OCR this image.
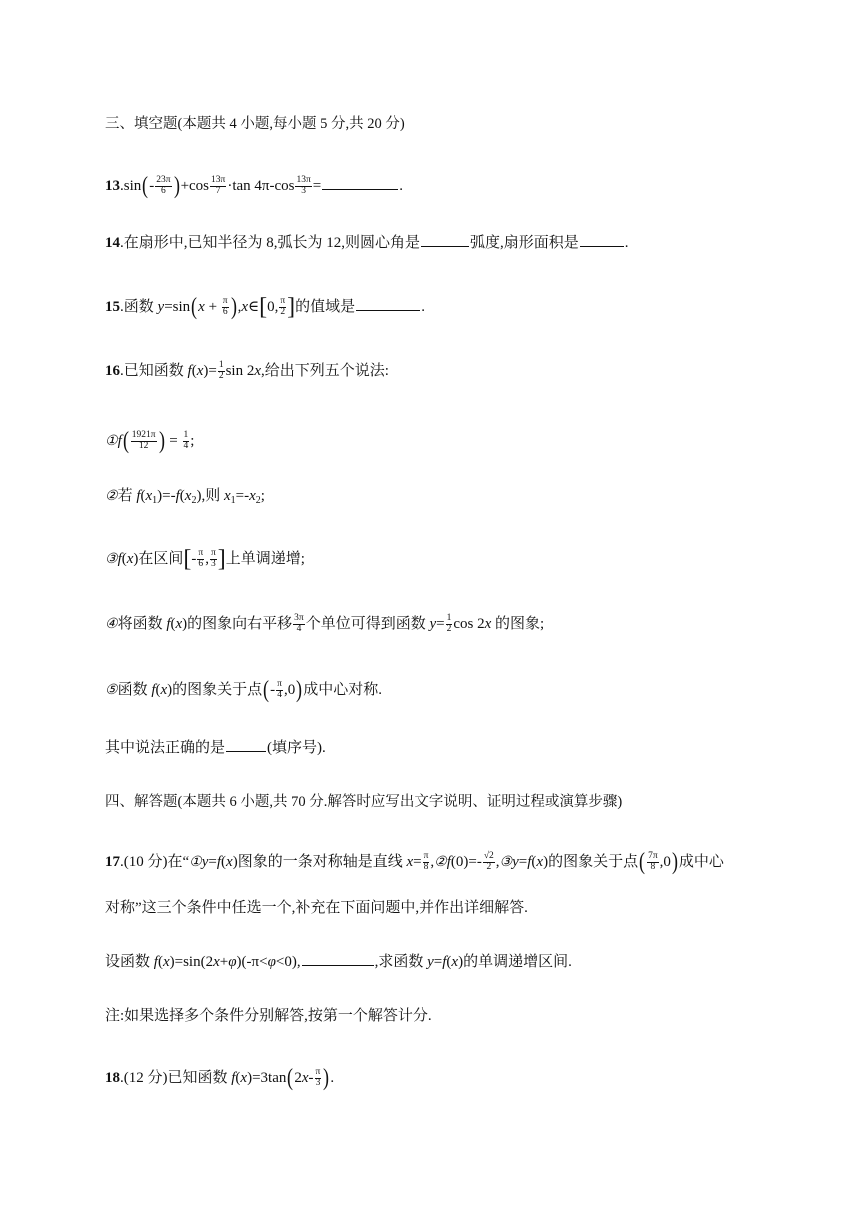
三、填空题(本题共 4 小题,每小题 5 分,共 20 分)
$13.\sin(- \frac{23\pi}{6} )+\cos \frac{13\pi}{7} \cdot\tan$ $4\pi-\cos \frac{13\pi}{3}$ =	.
14.在扇形中,已知半径为 8,弧长为 12,则圆心角是	弧度,扇形面积是	.
15.函数 $y=\sin(x + \frac{\pi}{6}$ ),x∈[0, $\frac{\pi}{2}$ ]的值域是	.
16.已知函数 $f(x)= \frac{1}{2}$ sin 2x,给出下列五个说法:
①f( $\frac{1921\pi}{12}$ ) = $\frac{1}{4}$ ;
②若 $f(x_1)=-f(x_2)$,则 $x_1=-x_2$;
③f(x)在区间[- $\frac{\pi}{6}$ , $\frac{\pi}{3}$ ]上单调递增;
④将函数 f(x)的图象向右平移 $\frac{3\pi}{4}$ 个单位可得到函数 $y= \frac{1}{2}$ cos 2x 的图象;
⑤函数 f(x)的图象关于点(- $\frac{\pi}{4} ,0$)成中心对称.
其中说法正确的是	(填序号).
四、解答题(本题共 6 小题,共 70 分.解答时应写出文字说明、证明过程或演算步骤)
17.(10 分)在“①y=f(x)图象的一条对称轴是直线 $x= \frac{\pi}{8}$ ,②f(0)=- $\frac{√2}{2}$ ,③y=f(x)的图象关于点( $\frac{7\pi}{8} ,0$)成中心
对称”这三个条件中任选一个,补充在下面问题中,并作出详细解答.
设函数 f(x)=sin(2x+φ)(-π<φ<0),	,求函数 y=f(x)的单调递增区间.
注:如果选择多个条件分别解答,按第一个解答计分.
18.(12 分)已知函数 $f(x)=3\tan(2x- \frac{\pi}{3}$ ).
